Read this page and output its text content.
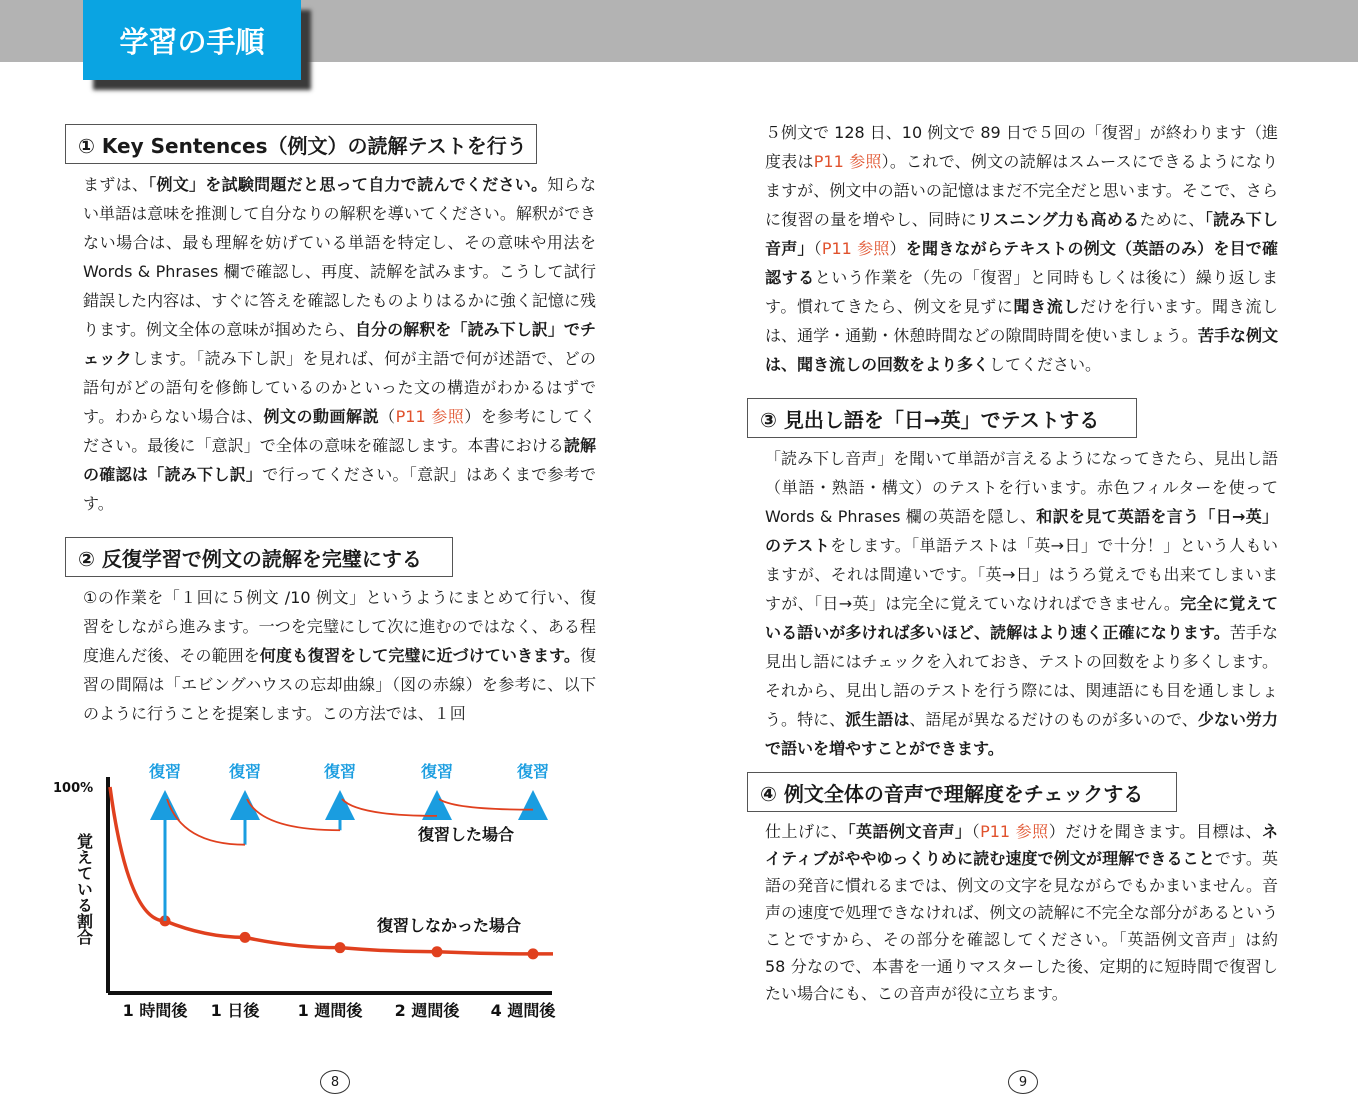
学習の手順
① Key Sentences（例文）の読解テストを行う
まずは、「例文」を試験問題だと思って自力で読んでください。知らない単語は意味を推測して自分なりの解釈を導いてください。解釈ができない場合は、最も理解を妨げている単語を特定し、その意味や用法を Words & Phrases 欄で確認し、再度、読解を試みます。こうして試行錯誤した内容は、すぐに答えを確認したものよりはるかに強く記憶に残ります。例文全体の意味が掴めたら、自分の解釈を「読み下し訳」でチェックします。「読み下し訳」を見れば、何が主語で何が述語で、どの語句がどの語句を修飾しているのかといった文の構造がわかるはずです。わからない場合は、例文の動画解説（P11 参照）を参考にしてください。最後に「意訳」で全体の意味を確認します。本書における読解の確認は「読み下し訳」で行ってください。「意訳」はあくまで参考です。
② 反復学習で例文の読解を完璧にする
①の作業を「１回に５例文 /10 例文」というようにまとめて行い、復習をしながら進みます。一つを完璧にして次に進むのではなく、ある程度進んだ後、その範囲を何度も復習をして完璧に近づけていきます。復習の間隔は「エビングハウスの忘却曲線」（図の赤線）を参考に、以下のように行うことを提案します。この方法では、１回
100%
覚えている割合
復習	復習	復習	復習	復習
1 時間後 1 日後 1 週間後 2 週間後 4 週間後
復習した場合
復習しなかった場合
8
５例文で 128 日、10 例文で 89 日で５回の「復習」が終わります（進度表はP11 参照）。これで、例文の読解はスムースにできるようになりますが、例文中の語いの記憶はまだ不完全だと思います。そこで、さらに復習の量を増やし、同時にリスニング力も高めるために、「読み下し音声」（P11 参照）を聞きながらテキストの例文（英語のみ）を目で確認するという作業を（先の「復習」と同時もしくは後に）繰り返します。慣れてきたら、例文を見ずに聞き流しだけを行います。聞き流しは、通学・通勤・休憩時間などの隙間時間を使いましょう。苦手な例文は、聞き流しの回数をより多くしてください。
③ 見出し語を「日→英」でテストする
「読み下し音声」を聞いて単語が言えるようになってきたら、見出し語（単語・熟語・構文）のテストを行います。赤色フィルターを使って Words & Phrases 欄の英語を隠し、和訳を見て英語を言う「日→英」のテストをします。「単語テストは「英→日」で十分！」という人もいますが、それは間違いです。「英→日」はうろ覚えでも出来てしまいますが、「日→英」は完全に覚えていなければできません。完全に覚えている語いが多ければ多いほど、読解はより速く正確になります。苦手な見出し語にはチェックを入れておき、テストの回数をより多くします。それから、見出し語のテストを行う際には、関連語にも目を通しましょう。特に、派生語は、語尾が異なるだけのものが多いので、少ない労力で語いを増やすことができます。
④ 例文全体の音声で理解度をチェックする
仕上げに、「英語例文音声」（P11 参照）だけを聞きます。目標は、ネイティブがややゆっくりめに読む速度で例文が理解できることです。英語の発音に慣れるまでは、例文の文字を見ながらでもかまいません。音声の速度で処理できなければ、例文の読解に不完全な部分があるということですから、その部分を確認してください。「英語例文音声」は約 58 分なので、本書を一通りマスターした後、定期的に短時間で復習したい場合にも、この音声が役に立ちます。
9
